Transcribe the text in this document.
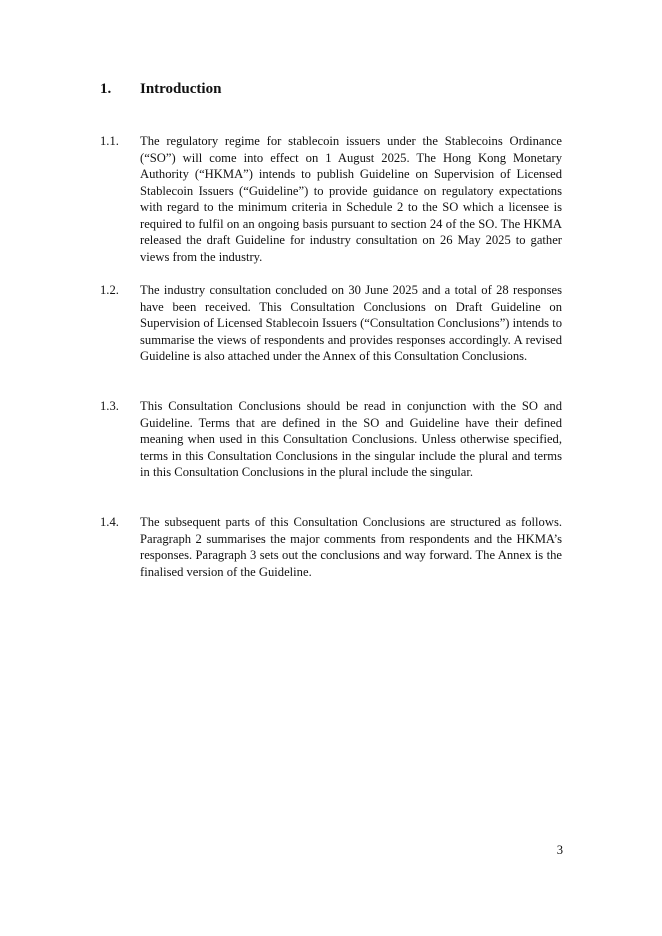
1. Introduction
1.1.	The regulatory regime for stablecoin issuers under the Stablecoins Ordinance (“SO”) will come into effect on 1 August 2025. The Hong Kong Monetary Authority (“HKMA”) intends to publish Guideline on Supervision of Licensed Stablecoin Issuers (“Guideline”) to provide guidance on regulatory expectations with regard to the minimum criteria in Schedule 2 to the SO which a licensee is required to fulfil on an ongoing basis pursuant to section 24 of the SO. The HKMA released the draft Guideline for industry consultation on 26 May 2025 to gather views from the industry.
1.2.	The industry consultation concluded on 30 June 2025 and a total of 28 responses have been received. This Consultation Conclusions on Draft Guideline on Supervision of Licensed Stablecoin Issuers (“Consultation Conclusions”) intends to summarise the views of respondents and provides responses accordingly. A revised Guideline is also attached under the Annex of this Consultation Conclusions.
1.3.	This Consultation Conclusions should be read in conjunction with the SO and Guideline. Terms that are defined in the SO and Guideline have their defined meaning when used in this Consultation Conclusions. Unless otherwise specified, terms in this Consultation Conclusions in the singular include the plural and terms in this Consultation Conclusions in the plural include the singular.
1.4.	The subsequent parts of this Consultation Conclusions are structured as follows. Paragraph 2 summarises the major comments from respondents and the HKMA’s responses. Paragraph 3 sets out the conclusions and way forward. The Annex is the finalised version of the Guideline.
3
